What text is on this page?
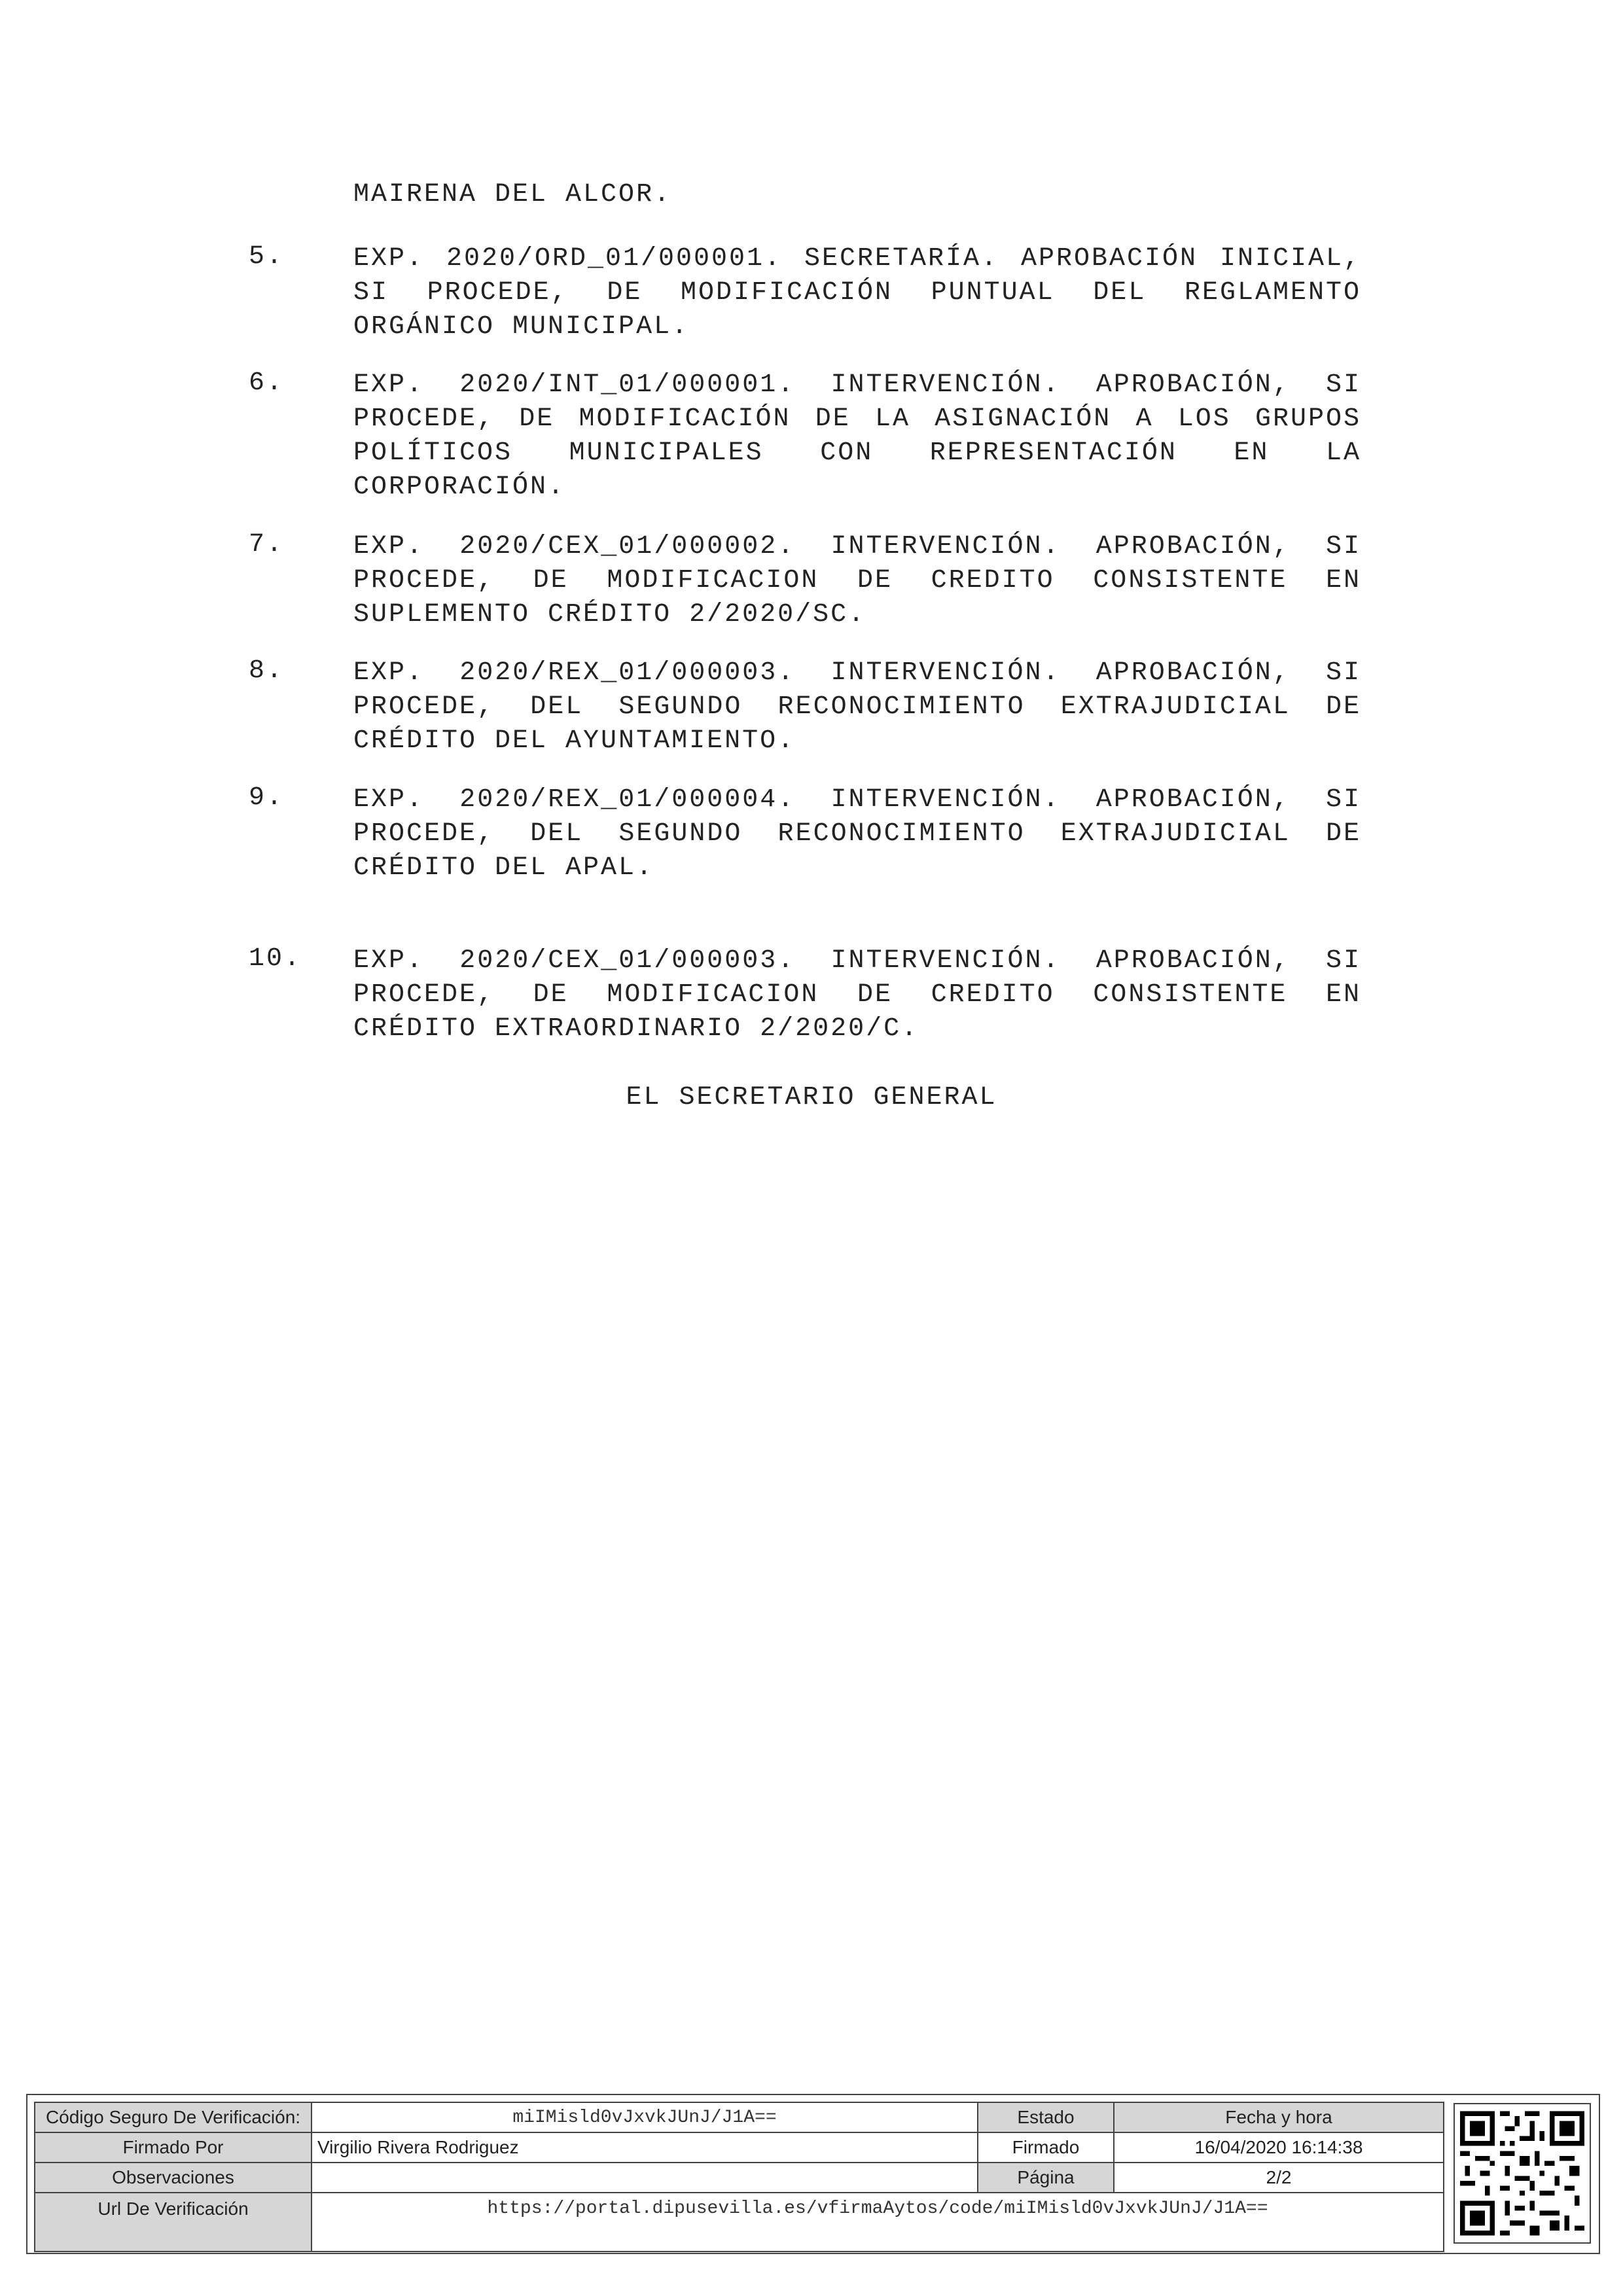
MAIRENA DEL ALCOR.
5.	EXP. 2020/ORD_01/000001. SECRETARÍA. APROBACIÓN INICIAL, SI PROCEDE, DE MODIFICACIÓN PUNTUAL DEL REGLAMENTO ORGÁNICO MUNICIPAL.
6.	EXP. 2020/INT_01/000001. INTERVENCIÓN. APROBACIÓN, SI PROCEDE, DE MODIFICACIÓN DE LA ASIGNACIÓN A LOS GRUPOS POLÍTICOS MUNICIPALES CON REPRESENTACIÓN EN LA CORPORACIÓN.
7.	EXP. 2020/CEX_01/000002. INTERVENCIÓN. APROBACIÓN, SI PROCEDE, DE MODIFICACION DE CREDITO CONSISTENTE EN SUPLEMENTO CRÉDITO 2/2020/SC.
8.	EXP. 2020/REX_01/000003. INTERVENCIÓN. APROBACIÓN, SI PROCEDE, DEL SEGUNDO RECONOCIMIENTO EXTRAJUDICIAL DE CRÉDITO DEL AYUNTAMIENTO.
9.	EXP. 2020/REX_01/000004. INTERVENCIÓN. APROBACIÓN, SI PROCEDE, DEL SEGUNDO RECONOCIMIENTO EXTRAJUDICIAL DE CRÉDITO DEL APAL.
10. EXP. 2020/CEX_01/000003. INTERVENCIÓN. APROBACIÓN, SI PROCEDE, DE MODIFICACION DE CREDITO CONSISTENTE EN CRÉDITO EXTRAORDINARIO 2/2020/C.
EL SECRETARIO GENERAL
Código Seguro De Verificación:	miIMisld0vJxvkJUnJ/J1A==	Estado	Fecha y hora
Firmado Por	Virgilio Rivera Rodriguez	Firmado	16/04/2020 16:14:38
Observaciones		Página	2/2
Url De Verificación	https://portal.dipusevilla.es/vfirmaAytos/code/miIMisld0vJxvkJUnJ/J1A==		
